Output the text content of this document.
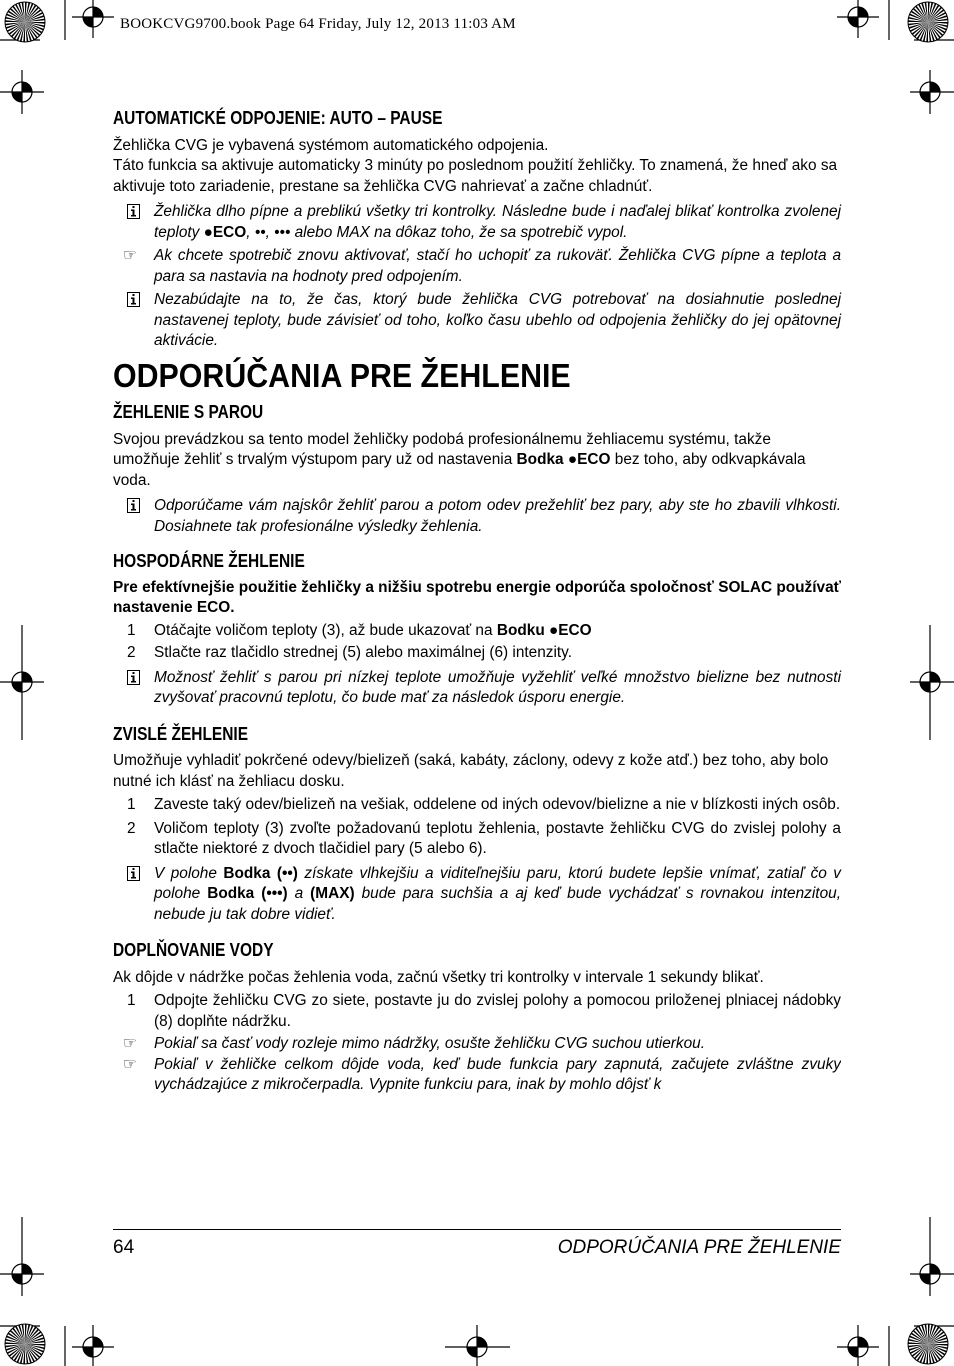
BOOKCVG9700.book Page 64 Friday, July 12, 2013 11:03 AM
AUTOMATICKÉ ODPOJENIE: AUTO – PAUSE

Žehlička CVG je vybavená systémom automatického odpojenia.

Táto funkcia sa aktivuje automaticky 3 minúty po poslednom použití žehličky. To znamená, že hneď ako sa aktivuje toto zariadenie, prestane sa žehlička CVG nahrievať a začne chladnúť.

Žehlička dlho pípne a preblikú všetky tri kontrolky. Následne bude i naďalej blikať kontrolka zvolenej teploty ●ECO, ••, ••• alebo MAX na dôkaz toho, že sa spotrebič vypol.
☞	Ak chcete spotrebič znovu aktivovať, stačí ho uchopiť za rukoväť. Žehlička CVG pípne a teplota a para sa nastavia na hodnoty pred odpojením.
Nezabúdajte na to, že čas, ktorý bude žehlička CVG potrebovať na dosiahnutie poslednej nastavenej teploty, bude závisieť od toho, koľko času ubehlo od odpojenia žehličky do jej opätovnej aktivácie.
ODPORÚČANIA PRE ŽEHLENIE
ŽEHLENIE S PAROU

Svojou prevádzkou sa tento model žehličky podobá profesionálnemu žehliacemu systému, takže umožňuje žehliť s trvalým výstupom pary už od nastavenia Bodka ●ECO bez toho, aby odkvapkávala voda.

Odporúčame vám najskôr žehliť parou a potom odev prežehliť bez pary, aby ste ho zbavili vlhkosti. Dosiahnete tak profesionálne výsledky žehlenia.
HOSPODÁRNE ŽEHLENIE

Pre efektívnejšie použitie žehličky a nižšiu spotrebu energie odporúča spoločnosť SOLAC používať nastavenie ECO.

1	Otáčajte voličom teploty (3), až bude ukazovať na Bodku ●ECO
2	Stlačte raz tlačidlo strednej (5) alebo maximálnej (6) intenzity.
Možnosť žehliť s parou pri nízkej teplote umožňuje vyžehliť veľké množstvo bielizne bez nutnosti zvyšovať pracovnú teplotu, čo bude mať za následok úsporu energie.
ZVISLÉ ŽEHLENIE

Umožňuje vyhladiť pokrčené odevy/bielizeň (saká, kabáty, záclony, odevy z kože atď.) bez toho, aby bolo nutné ich klásť na žehliacu dosku.

1	Zaveste taký odev/bielizeň na vešiak, oddelene od iných odevov/bielizne a nie v blízkosti iných osôb.
2	Voličom teploty (3) zvoľte požadovanú teplotu žehlenia, postavte žehličku CVG do zvislej polohy a stlačte niektoré z dvoch tlačidiel pary (5 alebo 6).
V polohe Bodka (••) získate vlhkejšiu a viditeľnejšiu paru, ktorú budete lepšie vnímať, zatiaľ čo v polohe Bodka (•••) a (MAX) bude para suchšia a aj keď bude vychádzať s rovnakou intenzitou, nebude ju tak dobre vidieť.
DOPLŇOVANIE VODY

Ak dôjde v nádržke počas žehlenia voda, začnú všetky tri kontrolky v intervale 1 sekundy blikať.

1	Odpojte žehličku CVG zo siete, postavte ju do zvislej polohy a pomocou priloženej plniacej nádobky (8) doplňte nádržku.
☞	Pokiaľ sa časť vody rozleje mimo nádržky, osušte žehličku CVG suchou utierkou.
☞	Pokiaľ v žehličke celkom dôjde voda, keď bude funkcia pary zapnutá, začujete zvláštne zvuky vychádzajúce z mikročerpadla. Vypnite funkciu para, inak by mohlo dôjsť k
64	ODPORÚČANIA PRE ŽEHLENIE
